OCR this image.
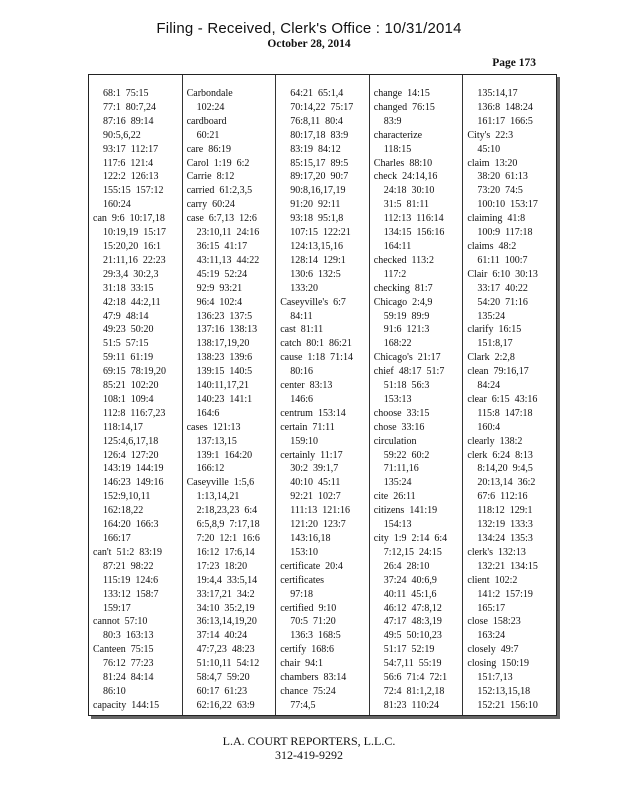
Filing - Received, Clerk's Office : 10/31/2014
October 28, 2014
Page 173
68:1  75:15
77:1  80:7,24
87:16  89:14
90:5,6,22
93:17  112:17
117:6  121:4
122:2  126:13
155:15  157:12
160:24
can  9:6  10:17,18
10:19,19  15:17
15:20,20  16:1
21:11,16  22:23
29:3,4  30:2,3
31:18  33:15
42:18  44:2,11
47:9  48:14
49:23  50:20
51:5  57:15
59:11  61:19
69:15  78:19,20
85:21  102:20
108:1  109:4
112:8  116:7,23
118:14,17
125:4,6,17,18
126:4  127:20
143:19  144:19
146:23  149:16
152:9,10,11
162:18,22
164:20  166:3
166:17
can't  51:2  83:19
87:21  98:22
115:19  124:6
133:12  158:7
159:17
cannot  57:10
80:3  163:13
Canteen  75:15
76:12  77:23
81:24  84:14
86:10
capacity  144:15
Carbondale
102:24
cardboard
60:21
care  86:19
Carol  1:19  6:2
Carrie  8:12
carried  61:2,3,5
carry  60:24
case  6:7,13  12:6
23:10,11  24:16
36:15  41:17
43:11,13  44:22
45:19  52:24
92:9  93:21
96:4  102:4
136:23  137:5
137:16  138:13
138:17,19,20
138:23  139:6
139:15  140:5
140:11,17,21
140:23  141:1
164:6
cases  121:13
137:13,15
139:1  164:20
166:12
Caseyville  1:5,6
1:13,14,21
2:18,23,23  6:4
6:5,8,9  7:17,18
7:20  12:1  16:6
16:12  17:6,14
17:23  18:20
19:4,4  33:5,14
33:17,21  34:2
34:10  35:2,19
36:13,14,19,20
37:14  40:24
47:7,23  48:23
51:10,11  54:12
58:4,7  59:20
60:17  61:23
62:16,22  63:9
64:21  65:1,4
70:14,22  75:17
76:8,11  80:4
80:17,18  83:9
83:19  84:12
85:15,17  89:5
89:17,20  90:7
90:8,16,17,19
91:20  92:11
93:18  95:1,8
107:15  122:21
124:13,15,16
128:14  129:1
130:6  132:5
133:20
Caseyville's  6:7
84:11
cast  81:11
catch  80:1  86:21
cause  1:18  71:14
80:16
center  83:13
146:6
centrum  153:14
certain  71:11
159:10
certainly  11:17
30:2  39:1,7
40:10  45:11
92:21  102:7
111:13  121:16
121:20  123:7
143:16,18
153:10
certificate  20:4
certificates
97:18
certified  9:10
70:5  71:20
136:3  168:5
certify  168:6
chair  94:1
chambers  83:14
chance  75:24
77:4,5
change  14:15
changed  76:15
83:9
characterize
118:15
Charles  88:10
check  24:14,16
24:18  30:10
31:5  81:11
112:13  116:14
134:15  156:16
164:11
checked  113:2
117:2
checking  81:7
Chicago  2:4,9
59:19  89:9
91:6  121:3
168:22
Chicago's  21:17
chief  48:17  51:7
51:18  56:3
153:13
choose  33:15
chose  33:16
circulation
59:22  60:2
71:11,16
135:24
cite  26:11
citizens  141:19
154:13
city  1:9  2:14  6:4
7:12,15  24:15
26:4  28:10
37:24  40:6,9
40:11  45:1,6
46:12  47:8,12
47:17  48:3,19
49:5  50:10,23
51:17  52:19
54:7,11  55:19
56:6  71:4  72:1
72:4  81:1,2,18
81:23  110:24
135:14,17
136:8  148:24
161:17  166:5
City's  22:3
45:10
claim  13:20
38:20  61:13
73:20  74:5
100:10  153:17
claiming  41:8
100:9  117:18
claims  48:2
61:11  100:7
Clair  6:10  30:13
33:17  40:22
54:20  71:16
135:24
clarify  16:15
151:8,17
Clark  2:2,8
clean  79:16,17
84:24
clear  6:15  43:16
115:8  147:18
160:4
clearly  138:2
clerk  6:24  8:13
8:14,20  9:4,5
20:13,14  36:2
67:6  112:16
118:12  129:1
132:19  133:3
134:24  135:3
clerk's  132:13
132:21  134:15
client  102:2
141:2  157:19
165:17
close  158:23
163:24
closely  49:7
closing  150:19
151:7,13
152:13,15,18
152:21  156:10
L.A. COURT REPORTERS, L.L.C.
312-419-9292
